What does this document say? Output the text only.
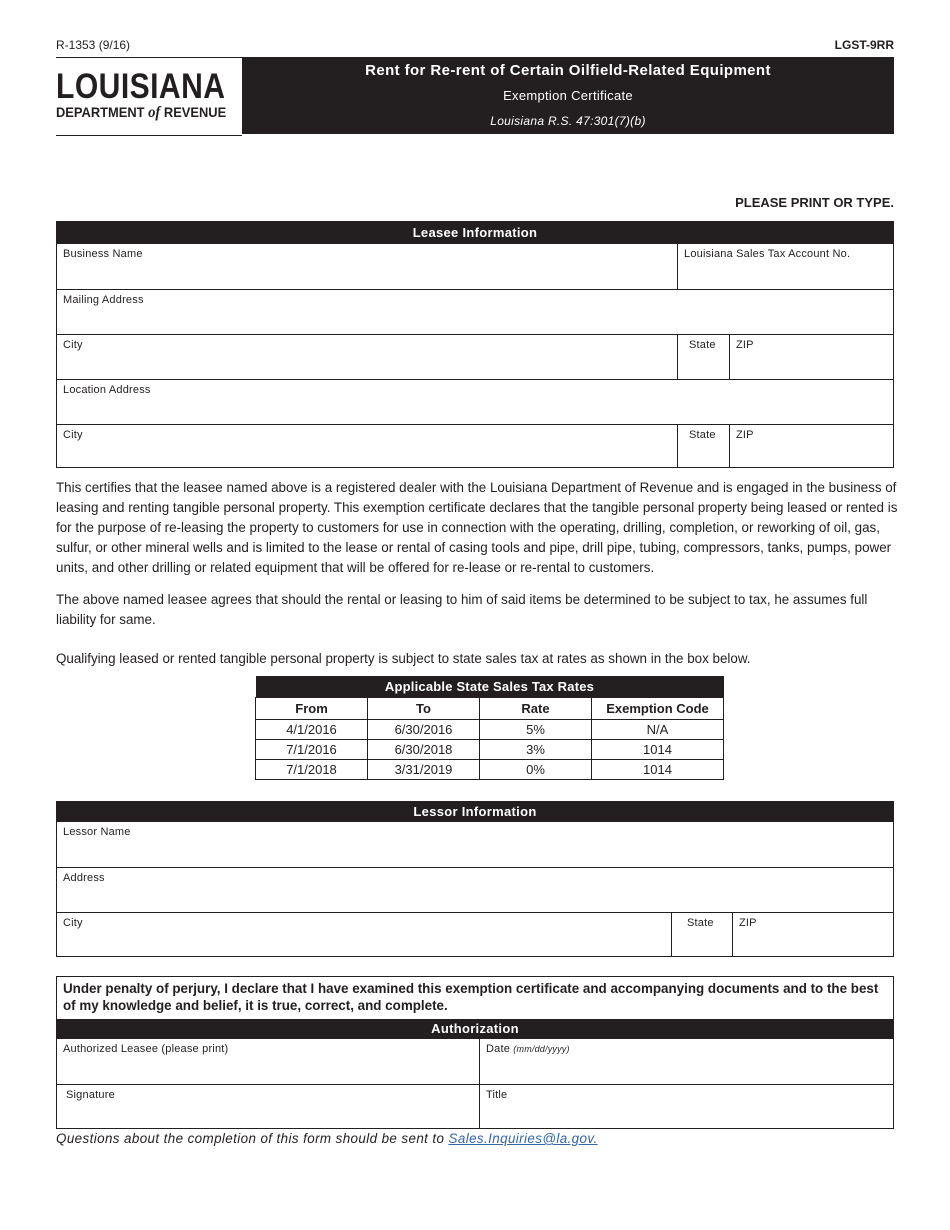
R-1353 (9/16)	LGST-9RR
LOUISIANA
DEPARTMENT of REVENUE
Rent for Re-rent of Certain Oilfield-Related Equipment
Exemption Certificate
Louisiana R.S. 47:301(7)(b)
PLEASE PRINT OR TYPE.
Leasee Information
Business Name	Louisiana Sales Tax Account No.
Mailing Address
City	State ZIP
Location Address
City	State ZIP
This certifies that the leasee named above is a registered dealer with the Louisiana Department of Revenue and is engaged in the business of leasing and renting tangible personal property. This exemption certificate declares that the tangible personal property being leased or rented is for the purpose of re-leasing the property to customers for use in connection with the operating, drilling, completion, or reworking of oil, gas, sulfur, or other mineral wells and is limited to the lease or rental of casing tools and pipe, drill pipe, tubing, compressors, tanks, pumps, power units, and other drilling or related equipment that will be offered for re-lease or re-rental to customers.
The above named leasee agrees that should the rental or leasing to him of said items be determined to be subject to tax, he assumes full liability for same.
Qualifying leased or rented tangible personal property is subject to state sales tax at rates as shown in the box below.
Applicable State Sales Tax Rates			
From	To	Rate	Exemption Code
4/1/2016	6/30/2016	5%	N/A
7/1/2016	6/30/2018	3%	1014
7/1/2018	3/31/2019	0%	1014
Lessor Information
Lessor Name
Address
City	State ZIP
Under penalty of perjury, I declare that I have examined this exemption certificate and accompanying documents and to the best of my knowledge and belief, it is true, correct, and complete.
Authorization
Authorized Leasee (please print)	Date (mm/dd/yyyy)
Signature	Title
Questions about the completion of this form should be sent to Sales.Inquiries@la.gov.
